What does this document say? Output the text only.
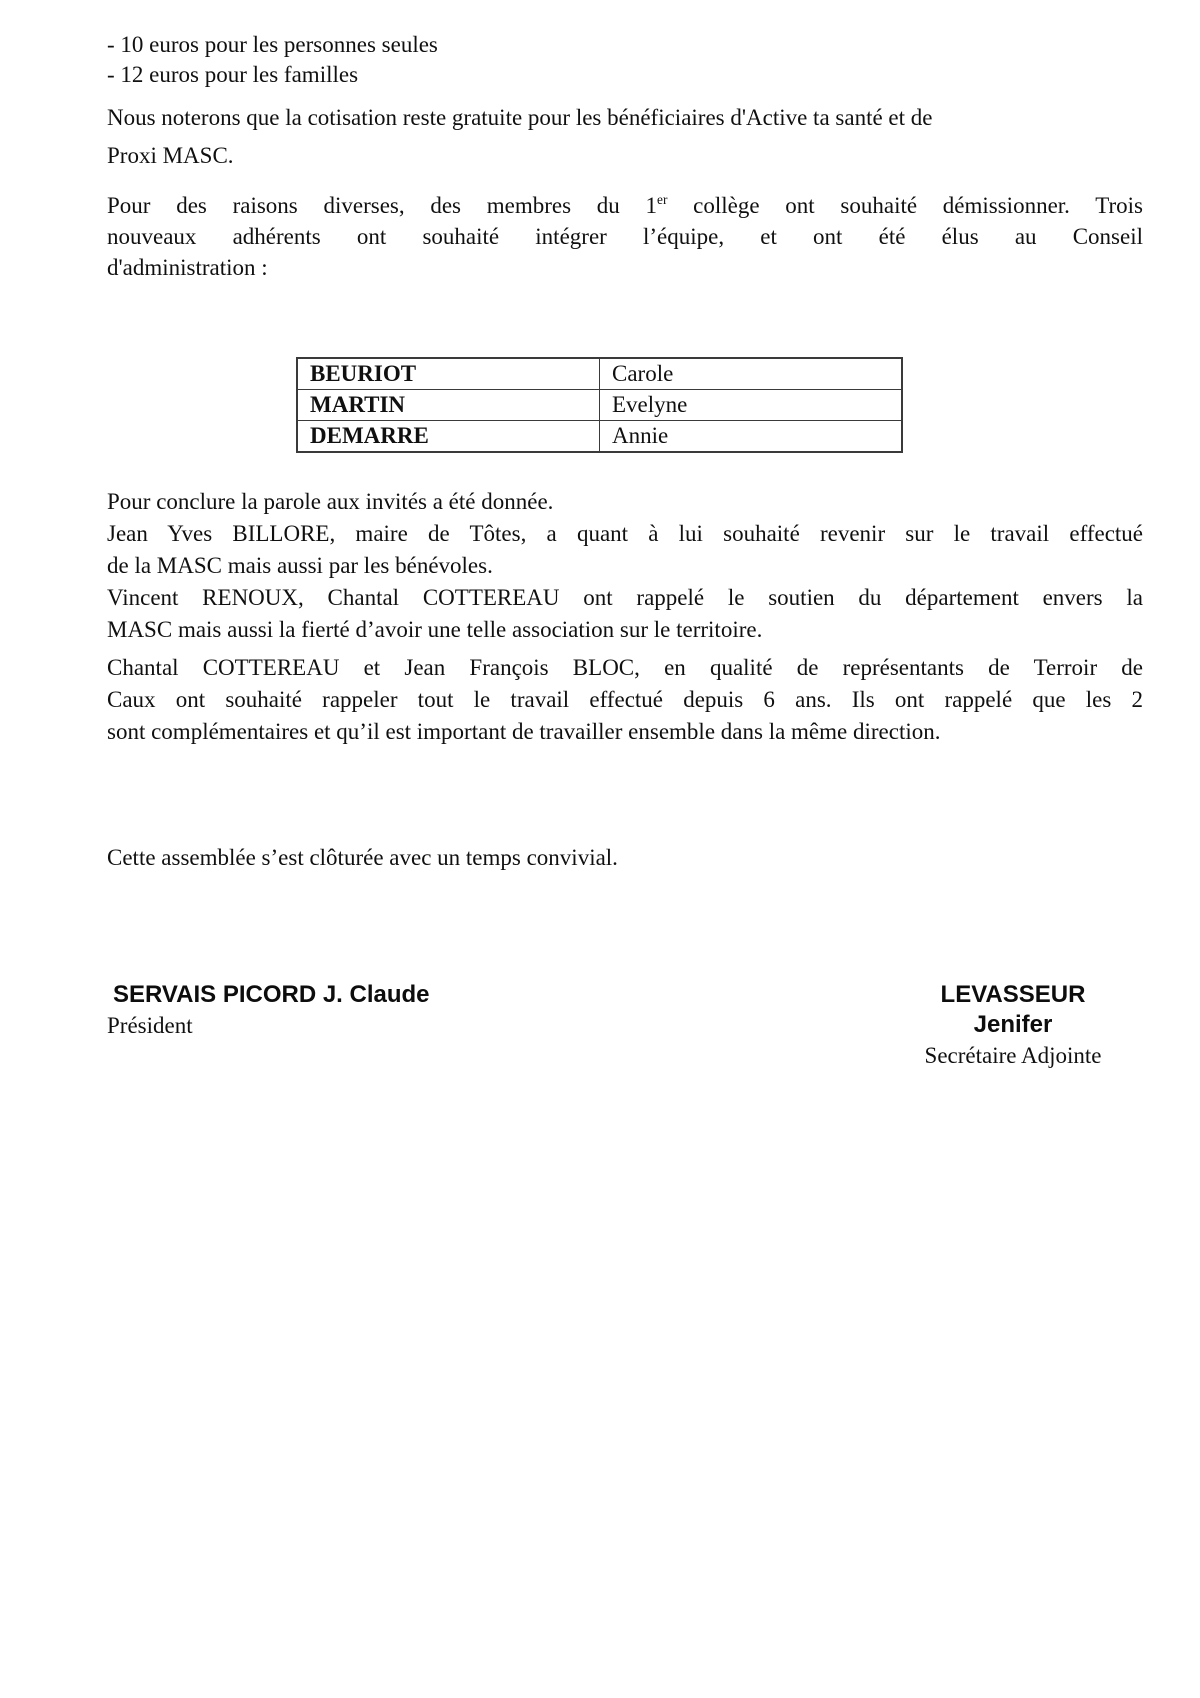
- 10 euros pour les personnes seules
- 12 euros pour les familles
Nous noterons que la cotisation reste gratuite pour les bénéficiaires d'Active ta santé et de
Proxi MASC.
Pour des raisons diverses, des membres du 1er collège ont souhaité démissionner. Trois
nouveaux adhérents ont souhaité intégrer l’équipe, et ont été élus au Conseil
d'administration :
BEURIOT	Carole
MARTIN	Evelyne
DEMARRE	Annie
Pour conclure la parole aux invités a été donnée.
Jean Yves BILLORE, maire de Tôtes, a quant à lui souhaité revenir sur le travail effectué
de la MASC mais aussi par les bénévoles.
Vincent RENOUX, Chantal COTTEREAU ont rappelé le soutien du département envers la
MASC mais aussi la fierté d’avoir une telle association sur le territoire.
Chantal COTTEREAU et Jean François BLOC, en qualité de représentants de Terroir de
Caux ont souhaité rappeler tout le travail effectué depuis 6 ans. Ils ont rappelé que les 2
sont complémentaires et qu’il est important de travailler ensemble dans la même direction.
Cette assemblée s’est clôturée avec un temps convivial.
SERVAIS PICORD J. Claude
Président
LEVASSEUR Jenifer
Secrétaire Adjointe
